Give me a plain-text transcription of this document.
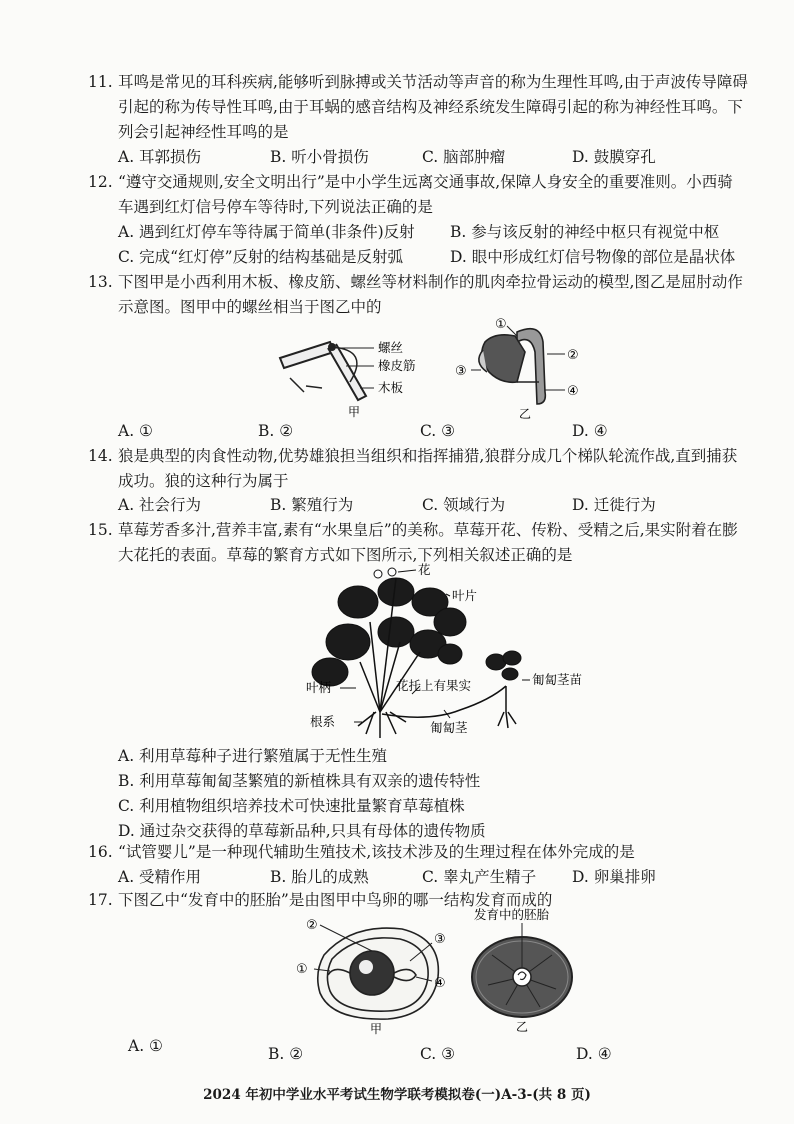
11. 耳鸣是常见的耳科疾病,能够听到脉搏或关节活动等声音的称为生理性耳鸣,由于声波传导障碍引起的称为传导性耳鸣,由于耳蜗的感音结构及神经系统发生障碍引起的称为神经性耳鸣。下列会引起神经性耳鸣的是
A. 耳郭损伤	B. 听小骨损伤	C. 脑部肿瘤	D. 鼓膜穿孔
12. “遵守交通规则,安全文明出行”是中小学生远离交通事故,保障人身安全的重要准则。小西骑车遇到红灯信号停车等待时,下列说法正确的是
A. 遇到红灯停车等待属于简单(非条件)反射 B. 参与该反射的神经中枢只有视觉中枢
C. 完成“红灯停”反射的结构基础是反射弧	D. 眼中形成红灯信号物像的部位是晶状体
13. 下图甲是小西利用木板、橡皮筋、螺丝等材料制作的肌肉牵拉骨运动的模型,图乙是屈肘动作示意图。图甲中的螺丝相当于图乙中的
螺丝
橡皮筋
木板
甲
①
②
③
④
乙
A. ①	B. ②	C. ③	D. ④
14. 狼是典型的肉食性动物,优势雄狼担当组织和指挥捕猎,狼群分成几个梯队轮流作战,直到捕获成功。狼的这种行为属于
A. 社会行为	B. 繁殖行为	C. 领域行为	D. 迁徙行为
15. 草莓芳香多汁,营养丰富,素有“水果皇后”的美称。草莓开花、传粉、受精之后,果实附着在膨大花托的表面。草莓的繁育方式如下图所示,下列相关叙述正确的是
花
叶片
叶柄	花托上有果实	匍匐茎苗
根系	匍匐茎
A. 利用草莓种子进行繁殖属于无性生殖
B. 利用草莓匍匐茎繁殖的新植株具有双亲的遗传特性
C. 利用植物组织培养技术可快速批量繁育草莓植株
D. 通过杂交获得的草莓新品种,只具有母体的遗传物质
16. “试管婴儿”是一种现代辅助生殖技术,该技术涉及的生理过程在体外完成的是
A. 受精作用	B. 胎儿的成熟	C. 睾丸产生精子 D. 卵巢排卵
17. 下图乙中“发育中的胚胎”是由图甲中鸟卵的哪一结构发育而成的
②
③
①
④
甲
发育中的胚胎
乙
A. ①	B. ②	C. ③	D. ④
2024 年初中学业水平考试生物学联考模拟卷(一)A-3-(共 8 页)
